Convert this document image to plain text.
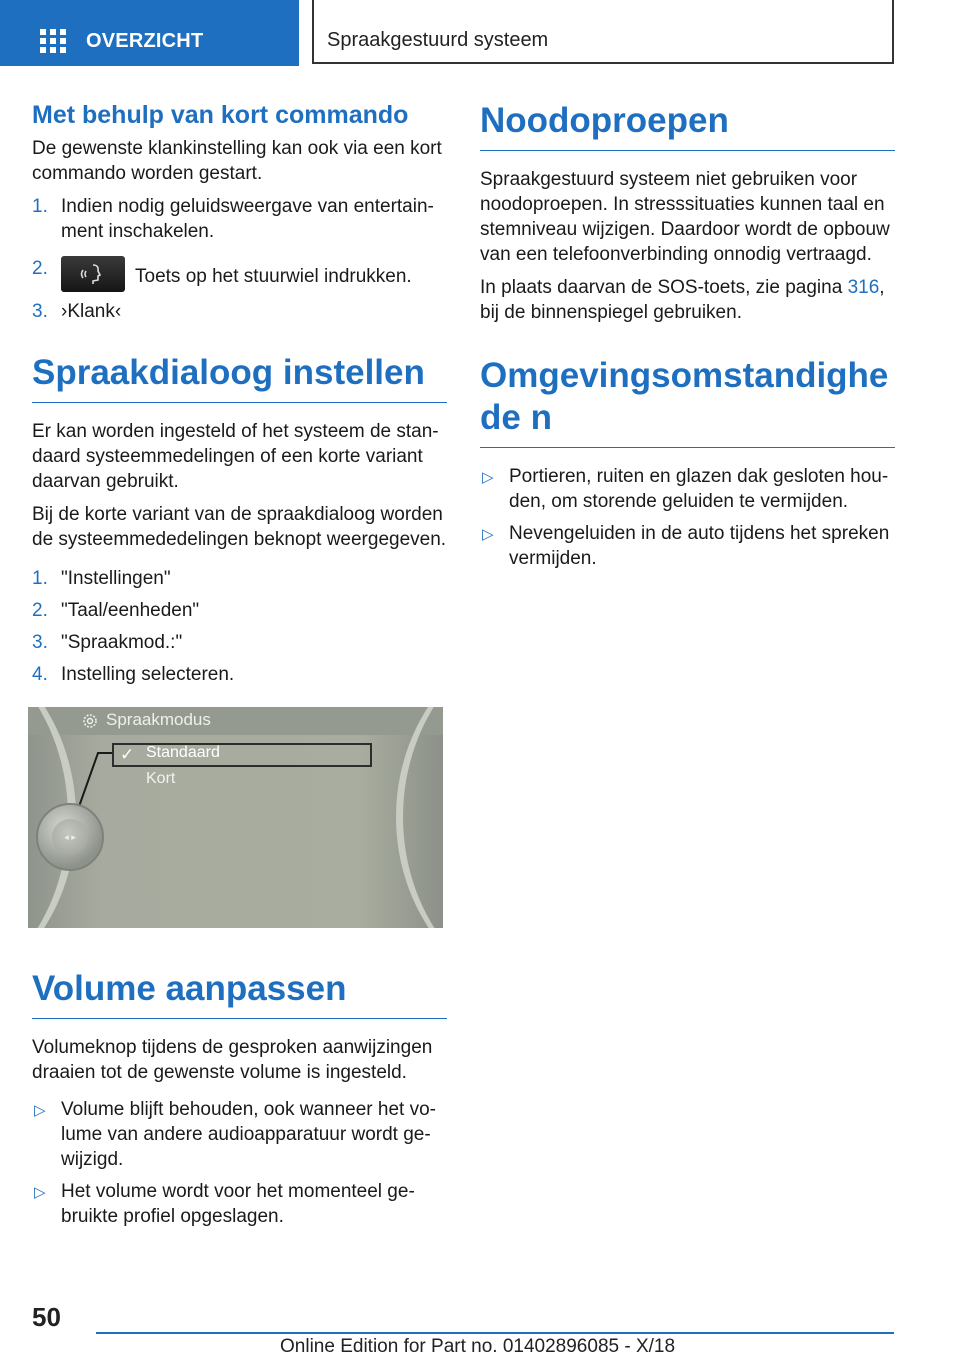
OVERZICHT	Spraakgestuurd systeem
Met behulp van kort commando

De gewenste klankinstelling kan ook via een kort commando worden gestart.

1. Indien nodig geluidsweergave van entertainment inschakelen.
2.	Toets op het stuurwiel indrukken.
3. ›Klank‹
Spraakdialoog instellen

Er kan worden ingesteld of het systeem de standaard systeemmedelingen of een korte variant daarvan gebruikt.

Bij de korte variant van de spraakdialoog worden de systeemmededelingen beknopt weergegeven.

1. "Instellingen"
2. "Taal/eenheden"
3. "Spraakmod.:"
4. Instelling selecteren.
Spraakmodus
✓ Standaard
Kort
◂ ▸
Volume aanpassen

Volumeknop tijdens de gesproken aanwijzingen draaien tot de gewenste volume is ingesteld.

▷ Volume blijft behouden, ook wanneer het volume van andere audioapparatuur wordt gewijzigd.
▷ Het volume wordt voor het momenteel gebruikte profiel opgeslagen.
Noodoproepen

Spraakgestuurd systeem niet gebruiken voor noodoproepen. In stresssituaties kunnen taal en stemniveau wijzigen. Daardoor wordt de opbouw van een telefoonverbinding onnodig vertraagd.

In plaats daarvan de SOS-toets, zie pagina 316, bij de binnenspiegel gebruiken.

Omgevingsomstandighede n
▷ Portieren, ruiten en glazen dak gesloten houden, om storende geluiden te vermijden.
▷ Nevengeluiden in de auto tijdens het spreken vermijden.
50
Online Edition for Part no. 01402896085 - X/18
